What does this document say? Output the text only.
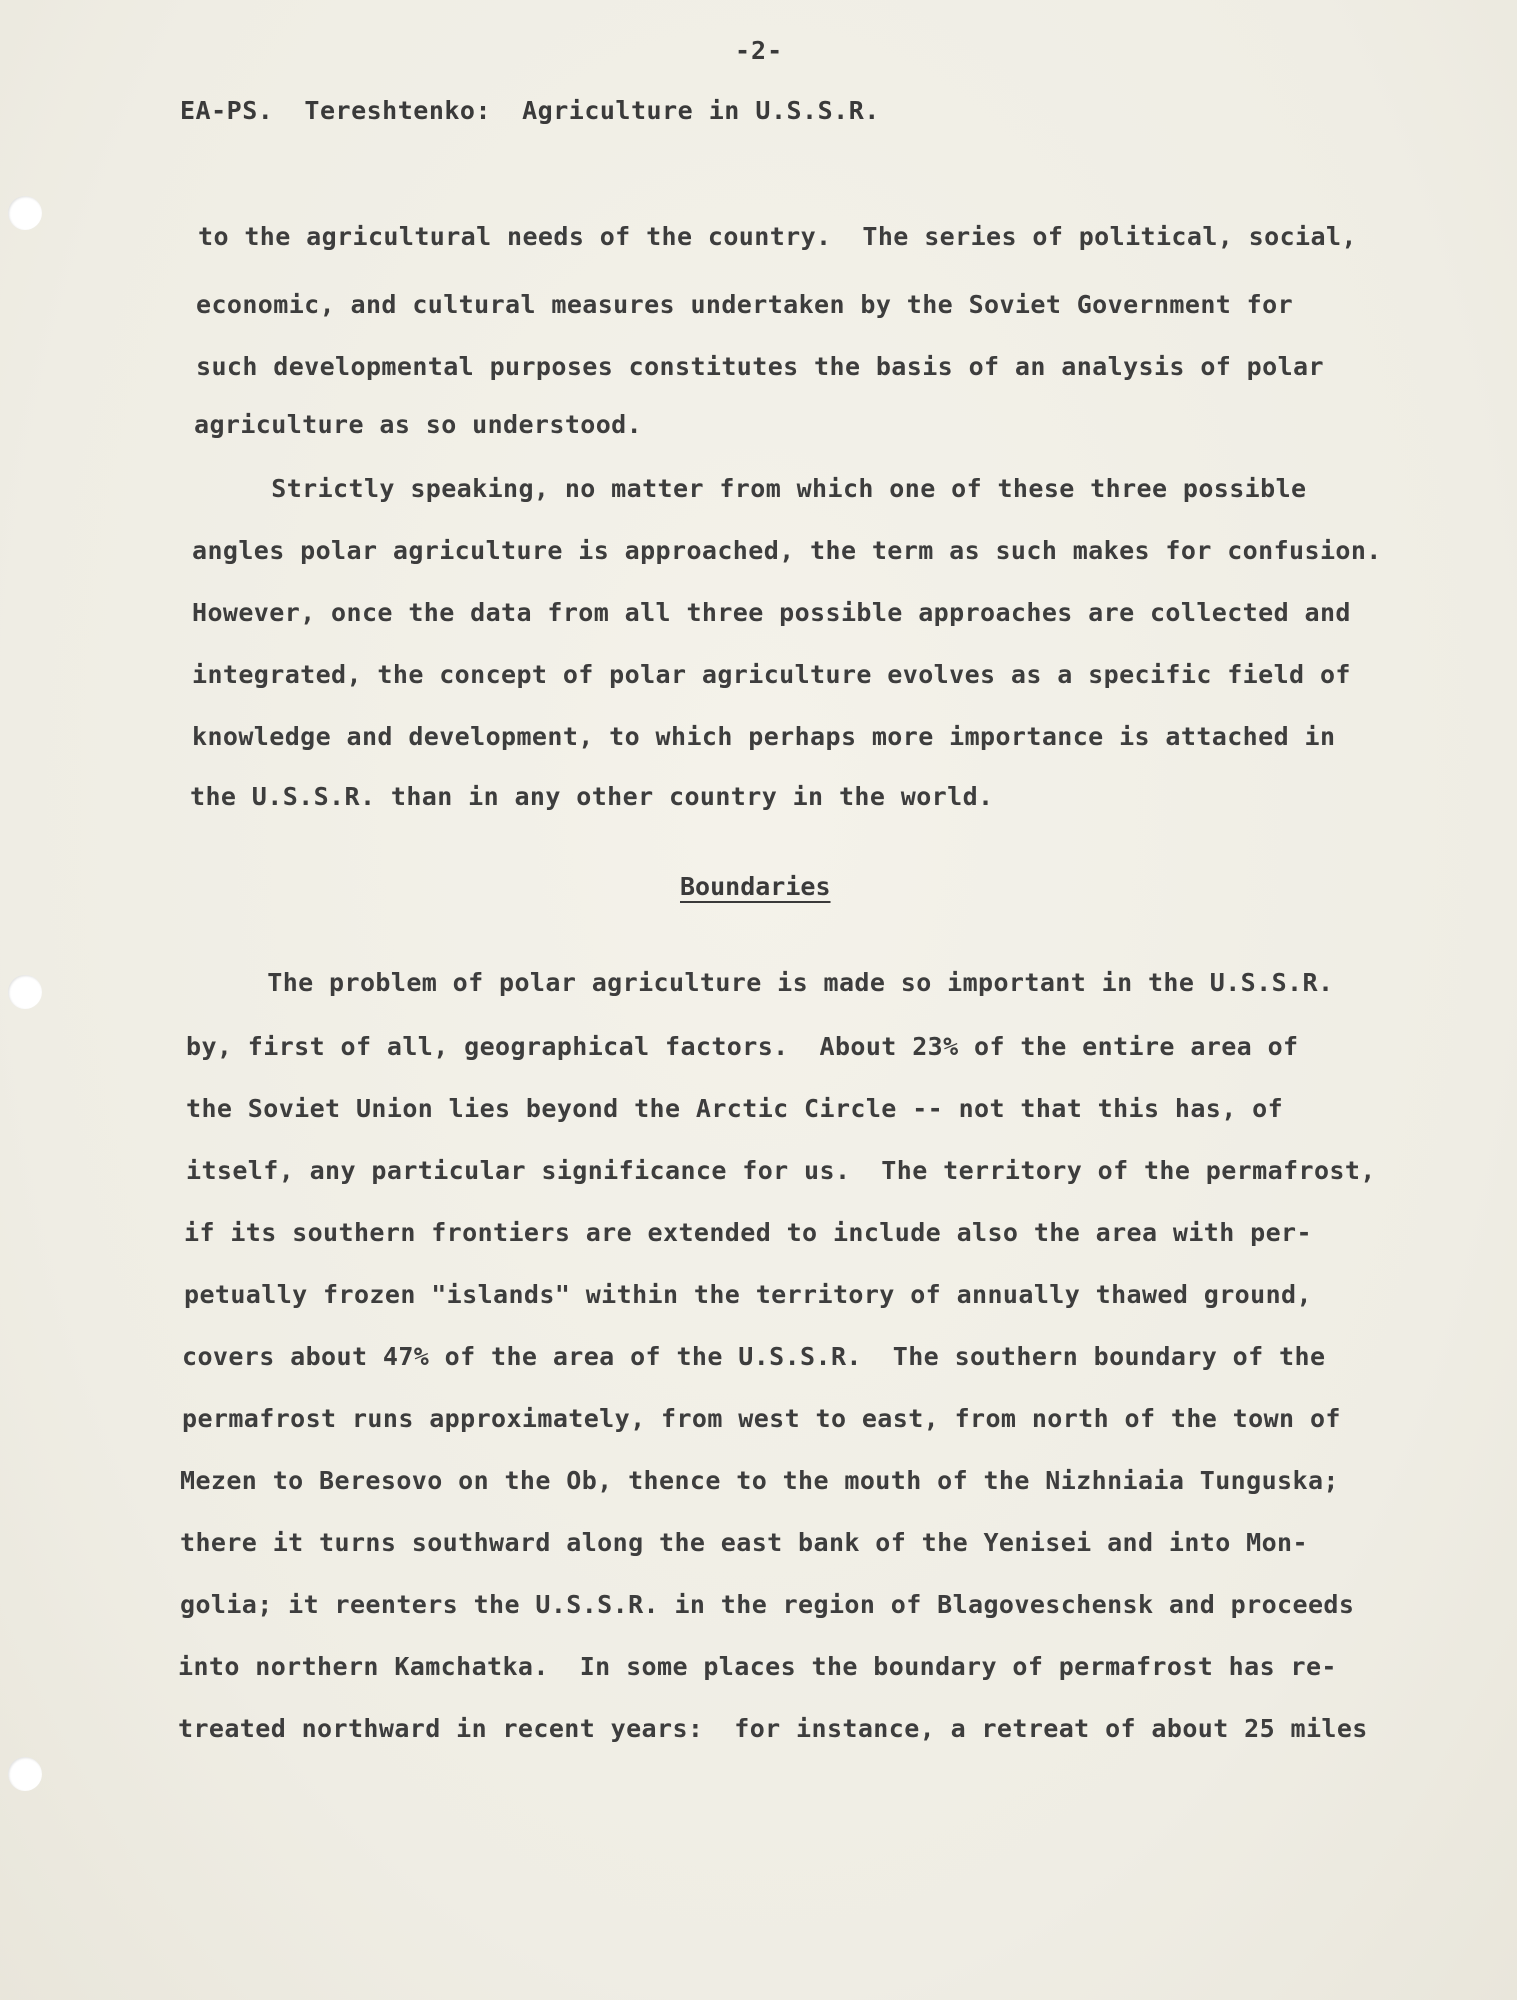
-2-
EA-PS.  Tereshtenko:  Agriculture in U.S.S.R.
to the agricultural needs of the country.  The series of political, social,
economic, and cultural measures undertaken by the Soviet Government for
such developmental purposes constitutes the basis of an analysis of polar
agriculture as so understood.
Strictly speaking, no matter from which one of these three possible
angles polar agriculture is approached, the term as such makes for confusion.
However, once the data from all three possible approaches are collected and
integrated, the concept of polar agriculture evolves as a specific field of
knowledge and development, to which perhaps more importance is attached in
the U.S.S.R. than in any other country in the world.
Boundaries
The problem of polar agriculture is made so important in the U.S.S.R.
by, first of all, geographical factors.  About 23% of the entire area of
the Soviet Union lies beyond the Arctic Circle -- not that this has, of
itself, any particular significance for us.  The territory of the permafrost,
if its southern frontiers are extended to include also the area with per-
petually frozen "islands" within the territory of annually thawed ground,
covers about 47% of the area of the U.S.S.R.  The southern boundary of the
permafrost runs approximately, from west to east, from north of the town of
Mezen to Beresovo on the Ob, thence to the mouth of the Nizhniaia Tunguska;
there it turns southward along the east bank of the Yenisei and into Mon-
golia; it reenters the U.S.S.R. in the region of Blagoveschensk and proceeds
into northern Kamchatka.  In some places the boundary of permafrost has re-
treated northward in recent years:  for instance, a retreat of about 25 miles
